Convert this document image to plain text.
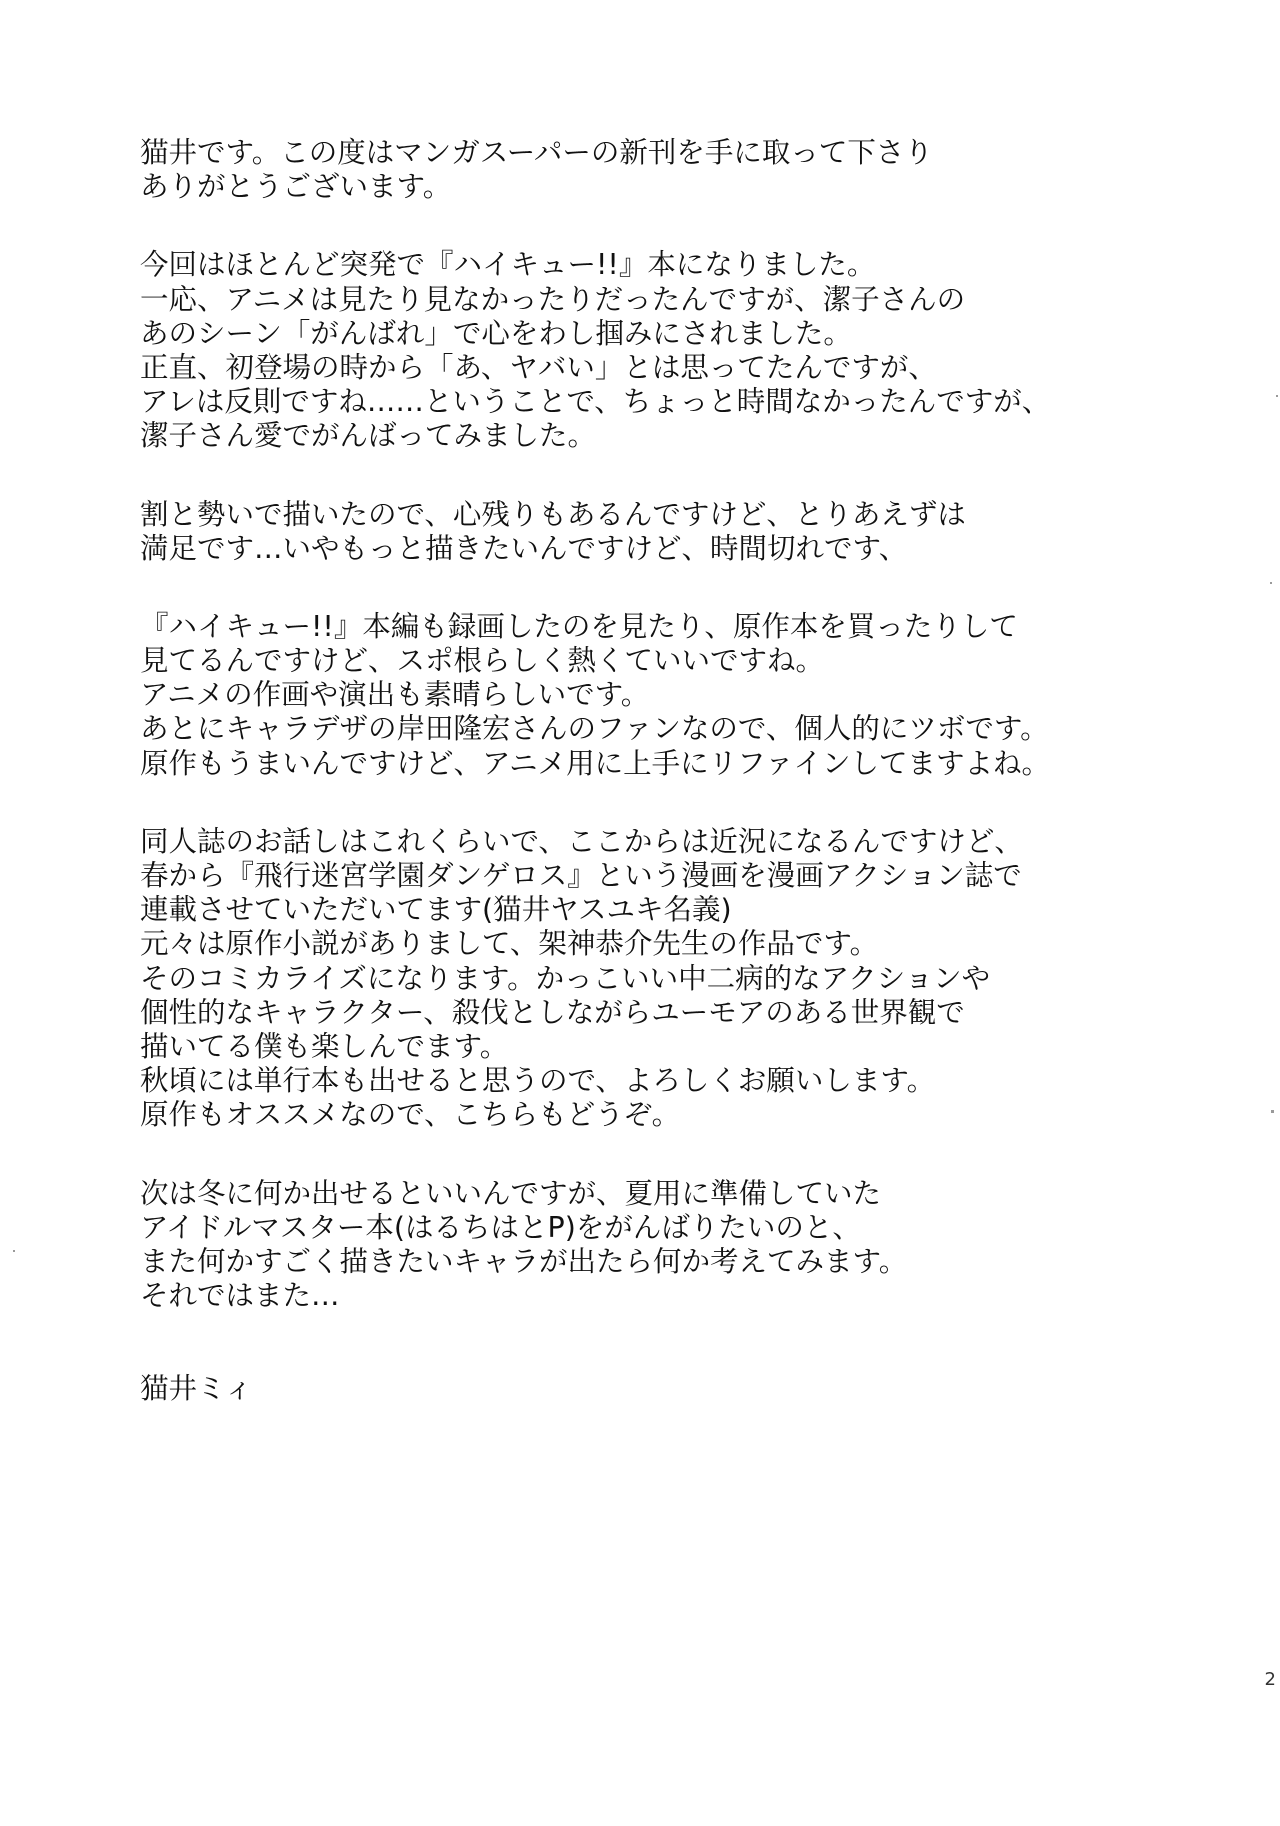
猫井です。この度はマンガスーパーの新刊を手に取って下さり
ありがとうございます。
今回はほとんど突発で『ハイキュー!!』本になりました。
一応、アニメは見たり見なかったりだったんですが、潔子さんの
あのシーン「がんばれ」で心をわし掴みにされました。
正直、初登場の時から「あ、ヤバい」とは思ってたんですが、
アレは反則ですね……ということで、ちょっと時間なかったんですが、
潔子さん愛でがんばってみました。
割と勢いで描いたので、心残りもあるんですけど、とりあえずは
満足です…いやもっと描きたいんですけど、時間切れです、
『ハイキュー!!』本編も録画したのを見たり、原作本を買ったりして
見てるんですけど、スポ根らしく熱くていいですね。
アニメの作画や演出も素晴らしいです。
あとにキャラデザの岸田隆宏さんのファンなので、個人的にツボです。
原作もうまいんですけど、アニメ用に上手にリファインしてますよね。
同人誌のお話しはこれくらいで、ここからは近況になるんですけど、
春から『飛行迷宮学園ダンゲロス』という漫画を漫画アクション誌で
連載させていただいてます(猫井ヤスユキ名義)
元々は原作小説がありまして、架神恭介先生の作品です。
そのコミカライズになります。かっこいい中二病的なアクションや
個性的なキャラクター、殺伐としながらユーモアのある世界観で
描いてる僕も楽しんでます。
秋頃には単行本も出せると思うので、よろしくお願いします。
原作もオススメなので、こちらもどうぞ。
次は冬に何か出せるといいんですが、夏用に準備していた
アイドルマスター本(はるちはとP)をがんばりたいのと、
また何かすごく描きたいキャラが出たら何か考えてみます。
それではまた…
猫井ミィ
2
